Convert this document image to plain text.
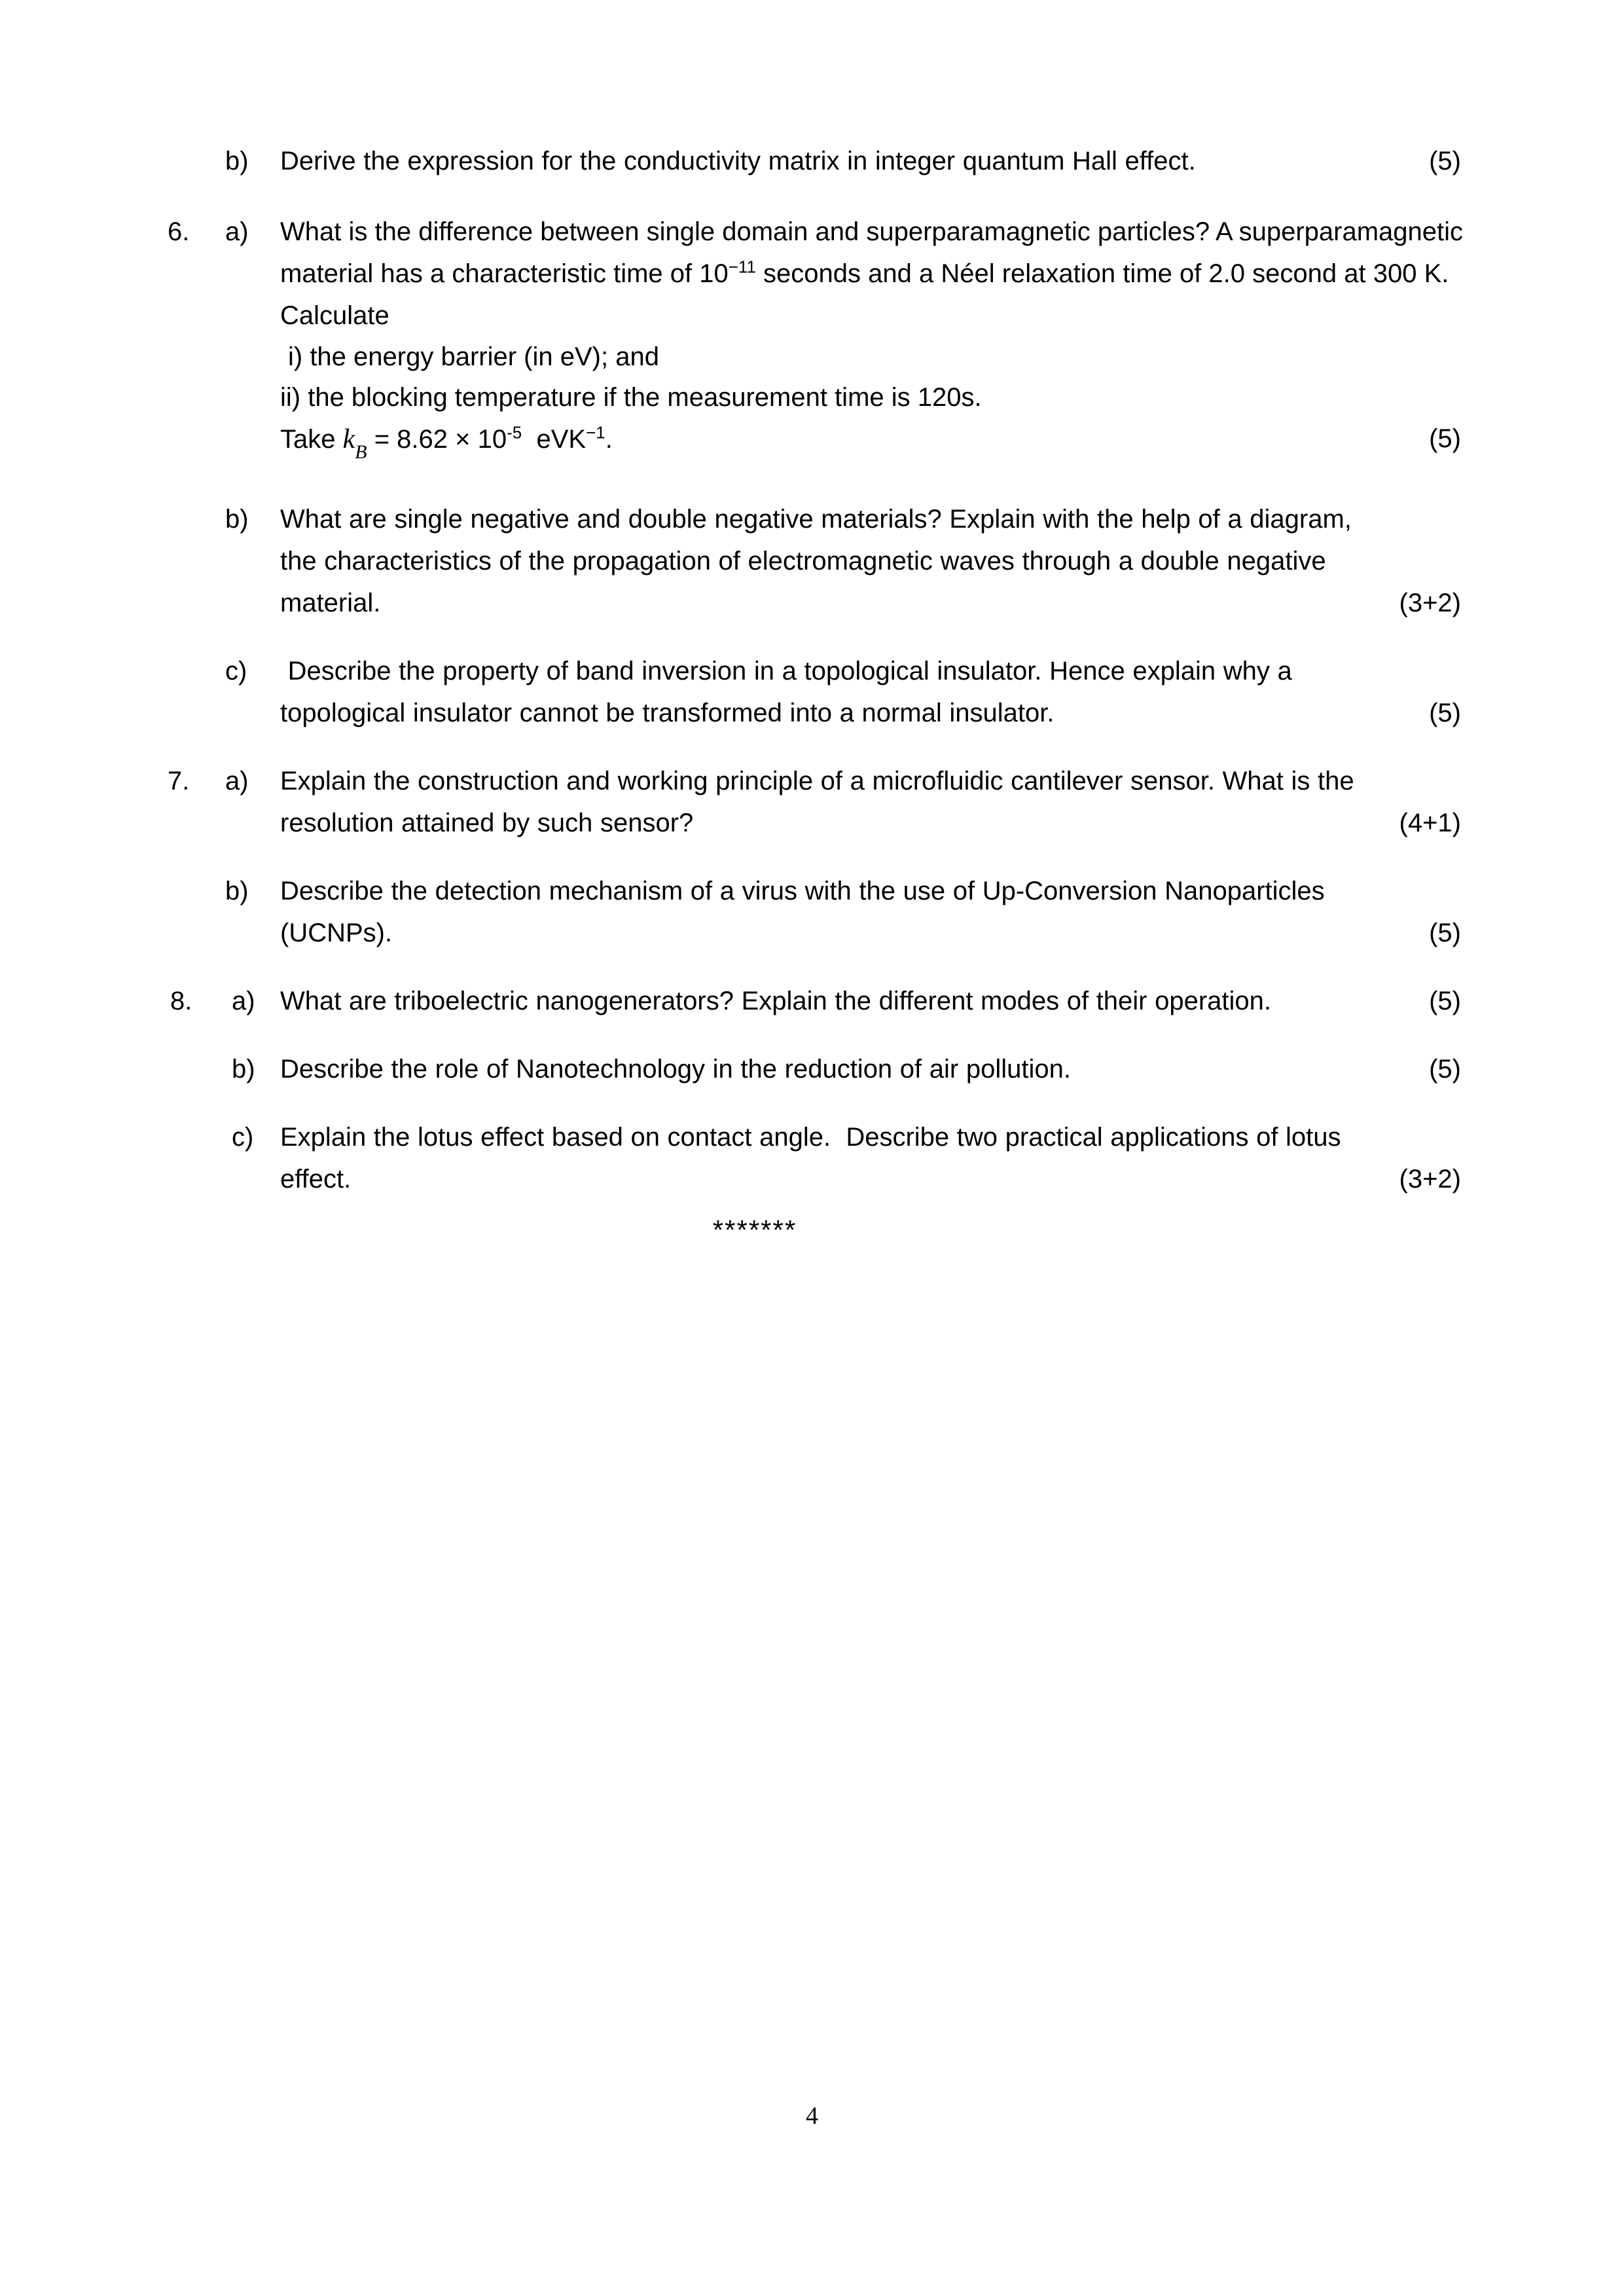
b)	Derive the expression for the conductivity matrix in integer quantum Hall effect.	(5)
6.	a)	What is the difference between single domain and superparamagnetic particles? A superparamagnetic material has a characteristic time of $10^{-11}$ seconds and a Néel relaxation time of 2.0 second at 300 K. Calculate
i) the energy barrier (in eV); and
ii) the blocking temperature if the measurement time is 120s.
Take $k_B = 8.62 \times 10^{-5}$  eVK$^{-1}$.	(5)
b)	What are single negative and double negative materials? Explain with the help of a diagram, the characteristics of the propagation of electromagnetic waves through a double negative material.	(3+2)
c)	Describe the property of band inversion in a topological insulator. Hence explain why a topological insulator cannot be transformed into a normal insulator.	(5)
7.	a)	Explain the construction and working principle of a microfluidic cantilever sensor. What is the resolution attained by such sensor?	(4+1)
b)	Describe the detection mechanism of a virus with the use of Up-Conversion Nanoparticles (UCNPs).	(5)
8.	a) What are triboelectric nanogenerators? Explain the different modes of their operation.	(5)
b) Describe the role of Nanotechnology in the reduction of air pollution.	(5)
c)	Explain the lotus effect based on contact angle.  Describe two practical applications of lotus effect.	(3+2)
*******
4
